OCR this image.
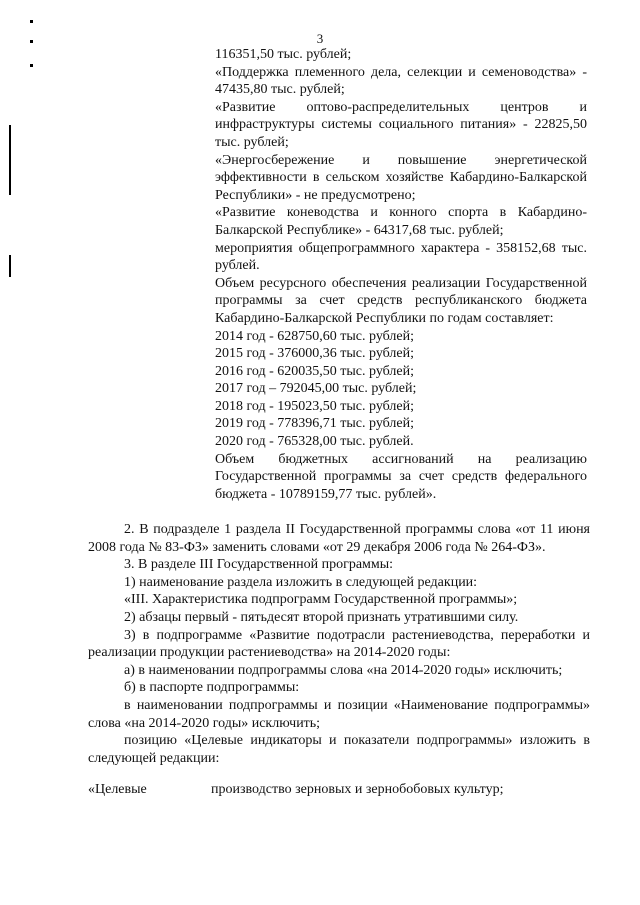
3

116351,50 тыс. рублей;

«Поддержка племенного дела, селекции и семеноводства» - 47435,80 тыс. рублей;

«Развитие оптово-распределительных центров и инфраструктуры системы социального питания» - 22825,50 тыс. рублей;

«Энергосбережение и повышение энергетической эффективности в сельском хозяйстве Кабардино-Балкарской Республики» - не предусмотрено;

«Развитие коневодства и конного спорта в Кабардино-Балкарской Республике» - 64317,68 тыс. рублей;

мероприятия общепрограммного характера - 358152,68 тыс. рублей.

Объем ресурсного обеспечения реализации Государственной программы за счет средств республиканского бюджета Кабардино-Балкарской Республики по годам составляет:

2014 год - 628750,60 тыс. рублей;

2015 год - 376000,36 тыс. рублей;

2016 год - 620035,50 тыс. рублей;

2017 год – 792045,00 тыс. рублей;

2018 год - 195023,50 тыс. рублей;

2019 год - 778396,71 тыс. рублей;

2020 год - 765328,00 тыс. рублей.

Объем бюджетных ассигнований на реализацию Государственной программы за счет средств федерального бюджета - 10789159,77 тыс. рублей».

2. В подразделе 1 раздела II Государственной программы слова «от 11 июня 2008 года № 83-ФЗ» заменить словами «от 29 декабря 2006 года № 264-ФЗ».

3. В разделе III Государственной программы:

1) наименование раздела изложить в следующей редакции:

«III. Характеристика подпрограмм Государственной программы»;

2) абзацы первый - пятьдесят второй признать утратившими силу.

3) в подпрограмме «Развитие подотрасли растениеводства, переработки и реализации продукции растениеводства» на 2014-2020 годы:

а) в наименовании подпрограммы слова «на 2014-2020 годы» исключить;

б) в паспорте подпрограммы:

в наименовании подпрограммы и позиции «Наименование подпрограммы» слова «на 2014-2020 годы» исключить;

позицию «Целевые индикаторы и показатели подпрограммы» изложить в следующей редакции:

«Целевые	производство зерновых и зернобобовых культур;
